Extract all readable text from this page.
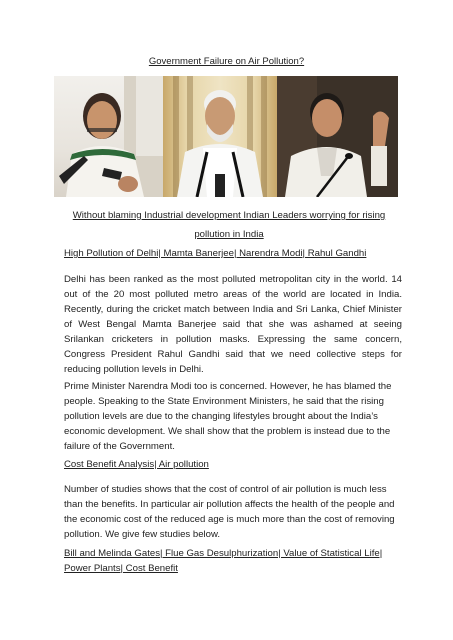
Government Failure on Air Pollution?
Without blaming Industrial development Indian Leaders worrying for rising
pollution in India
High Pollution of Delhi| Mamta Banerjee| Narendra Modi| Rahul Gandhi
Delhi has been ranked as the most polluted metropolitan city in the world. 14 out of the 20 most polluted metro areas of the world are located in India. Recently, during the cricket match between India and Sri Lanka, Chief Minister of West Bengal Mamta Banerjee said that she was ashamed at seeing Srilankan cricketers in pollution masks. Expressing the same concern, Congress President Rahul Gandhi said that we need collective steps for reducing pollution levels in Delhi.
Prime Minister Narendra Modi too is concerned. However, he has blamed the people. Speaking to the State Environment Ministers, he said that the rising pollution levels are due to the changing lifestyles brought about the India’s economic development. We shall show that the problem is instead due to the failure of the Government.
Cost Benefit Analysis| Air pollution
Number of studies shows that the cost of control of air pollution is much less than the benefits. In particular air pollution affects the health of the people and the economic cost of the reduced age is much more than the cost of removing pollution. We give few studies below.
Bill and Melinda Gates| Flue Gas Desulphurization| Value of Statistical Life|
Power Plants| Cost Benefit
